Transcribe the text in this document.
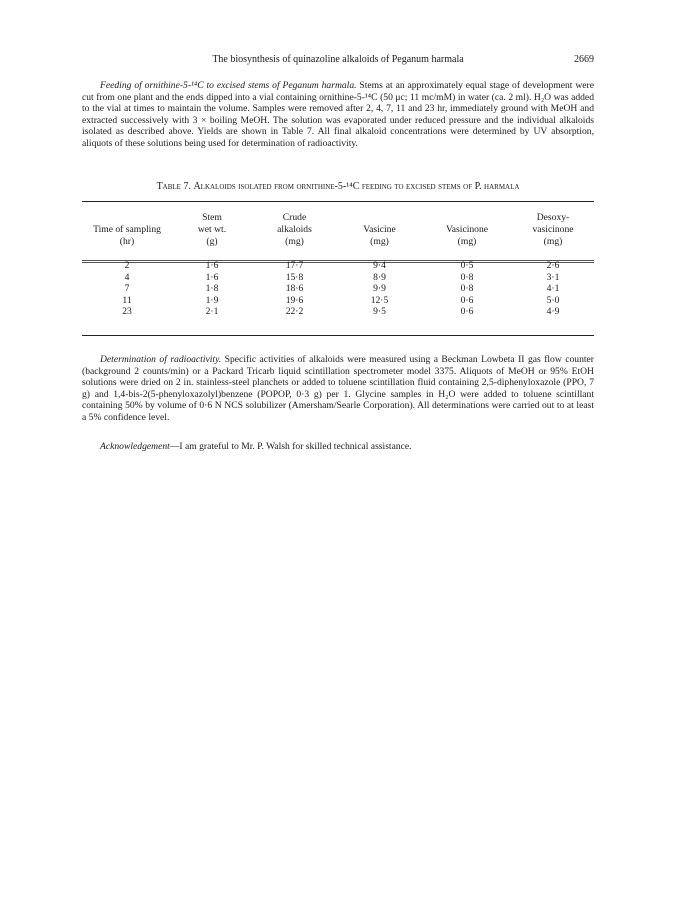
The biosynthesis of quinazoline alkaloids of Peganum harmala	2669
Feeding of ornithine-5-¹⁴C to excised stems of Peganum harmala. Stems at an approximately equal stage of development were cut from one plant and the ends dipped into a vial containing ornithine-5-¹⁴C (50 μc; 11 mc/mM) in water (ca. 2 ml). H₂O was added to the vial at times to maintain the volume. Samples were removed after 2, 4, 7, 11 and 23 hr, immediately ground with MeOH and extracted successively with 3 × boiling MeOH. The solution was evaporated under reduced pressure and the individual alkaloids isolated as described above. Yields are shown in Table 7. All final alkaloid concentrations were determined by UV absorption, aliquots of these solutions being used for determination of radioactivity.
Table 7. Alkaloids isolated from ornithine-5-¹⁴C feeding to excised stems of P. harmala
	Stem	Crude			Desoxy-
Time of sampling	wet wt.	alkaloids	Vasicine	Vasicinone	vasicinone
(hr)	(g)	(mg)	(mg)	(mg)	(mg)

2	1·6	17·7	9·4	0·5	2·6
4	1·6	15·8	8·9	0·8	3·1
7	1·8	18·6	9·9	0·8	4·1
11	1·9	19·6	12·5	0·6	5·0
23	2·1	22·2	9·5	0·6	4·9
Determination of radioactivity. Specific activities of alkaloids were measured using a Beckman Lowbeta II gas flow counter (background 2 counts/min) or a Packard Tricarb liquid scintillation spectrometer model 3375. Aliquots of MeOH or 95% EtOH solutions were dried on 2 in. stainless-steel planchets or added to toluene scintillation fluid containing 2,5-diphenyloxazole (PPO, 7 g) and 1,4-bis-2(5-phenyloxazolyl)benzene (POPOP, 0·3 g) per 1. Glycine samples in H₂O were added to toluene scintillant containing 50% by volume of 0·6 N NCS solubilizer (Amersham/Searle Corporation). All determinations were carried out to at least a 5% confidence level.
Acknowledgement—I am grateful to Mr. P. Walsh for skilled technical assistance.
